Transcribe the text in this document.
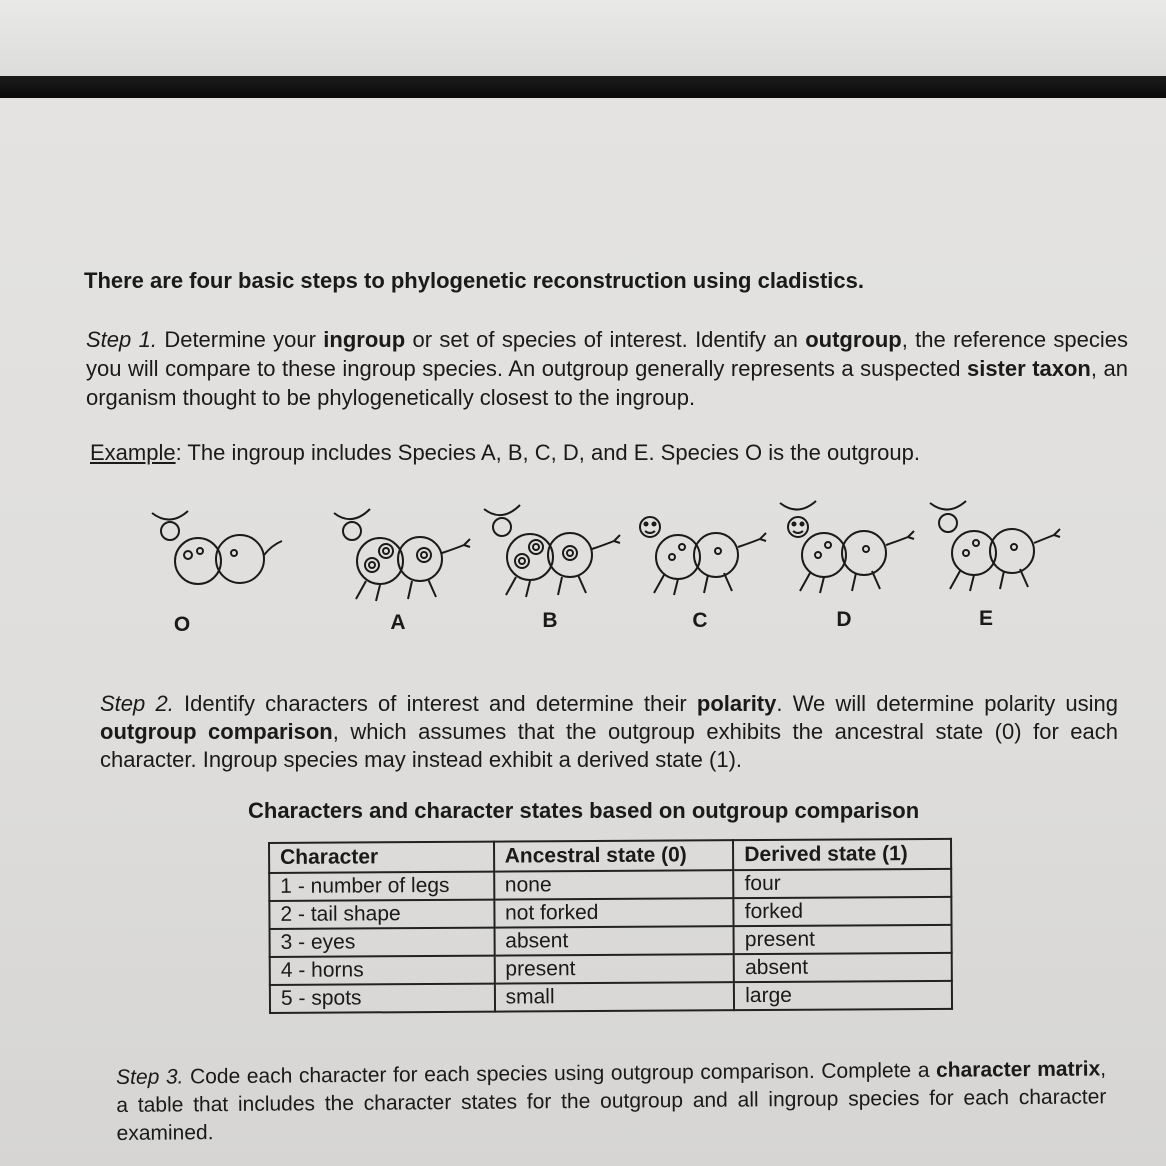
There are four basic steps to phylogenetic reconstruction using cladistics.
Step 1. Determine your ingroup or set of species of interest. Identify an outgroup, the reference species you will compare to these ingroup species. An outgroup generally represents a suspected sister taxon, an organism thought to be phylogenetically closest to the ingroup.
Example: The ingroup includes Species A, B, C, D, and E. Species O is the outgroup.
O	A	B	C	D	E
Step 2. Identify characters of interest and determine their polarity. We will determine polarity using outgroup comparison, which assumes that the outgroup exhibits the ancestral state (0) for each character. Ingroup species may instead exhibit a derived state (1).
Characters and character states based on outgroup comparison
Character	Ancestral state (0)	Derived state (1)
1 - number of legs	none	four
2 - tail shape	not forked	forked
3 - eyes	absent	present
4 - horns	present	absent
5 - spots	small	large
Step 3. Code each character for each species using outgroup comparison. Complete a character matrix, a table that includes the character states for the outgroup and all ingroup species for each character examined.
